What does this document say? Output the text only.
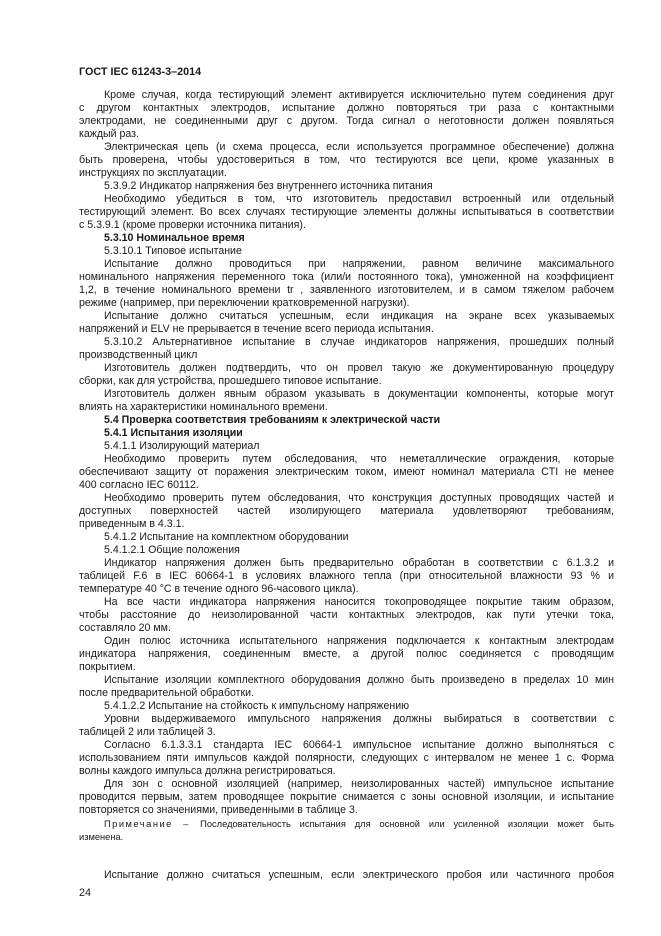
ГОСТ IEC 61243-3–2014
Кроме случая, когда тестирующий элемент активируется исключительно путем соединения друг
с другом контактных электродов, испытание должно повторяться три раза с контактными
электродами, не соединенными друг с другом. Тогда сигнал о неготовности должен появляться
каждый раз.
Электрическая цепь (и схема процесса, если используется программное обеспечение) должна
быть проверена, чтобы удостовериться в том, что тестируются все цепи, кроме указанных в
инструкциях по эксплуатации.
5.3.9.2 Индикатор напряжения без внутреннего источника питания
Необходимо убедиться в том, что изготовитель предоставил встроенный или отдельный
тестирующий элемент. Во всех случаях тестирующие элементы должны испытываться в соответствии
с 5.3.9.1 (кроме проверки источника питания).
5.3.10 Номинальное время
5.3.10.1 Типовое испытание
Испытание должно проводиться при напряжении, равном величине максимального
номинального напряжения переменного тока (или/и постоянного тока), умноженной на коэффициент
1,2, в течение номинального времени tr , заявленного изготовителем, и в самом тяжелом рабочем
режиме (например, при переключении кратковременной нагрузки).
Испытание должно считаться успешным, если индикация на экране всех указываемых
напряжений и ELV не прерывается в течение всего периода испытания.
5.3.10.2 Альтернативное испытание в случае индикаторов напряжения, прошедших полный
производственный цикл
Изготовитель должен подтвердить, что он провел такую же документированную процедуру
сборки, как для устройства, прошедшего типовое испытание.
Изготовитель должен явным образом указывать в документации компоненты, которые могут
влиять на характеристики номинального времени.
5.4 Проверка соответствия требованиям к электрической части
5.4.1 Испытания изоляции
5.4.1.1 Изолирующий материал
Необходимо проверить путем обследования, что неметаллические ограждения, которые
обеспечивают защиту от поражения электрическим током, имеют номинал материала CTI не менее
400 согласно IEC 60112.
Необходимо проверить путем обследования, что конструкция доступных проводящих частей и
доступных поверхностей частей изолирующего материала удовлетворяют требованиям,
приведенным в 4.3.1.
5.4.1.2 Испытание на комплектном оборудовании
5.4.1.2.1 Общие положения
Индикатор напряжения должен быть предварительно обработан в соответствии с 6.1.3.2 и
таблицей F.6 в IEC 60664-1 в условиях влажного тепла (при относительной влажности 93 % и
температуре 40 °С в течение одного 96-часового цикла).
На все части индикатора напряжения наносится токопроводящее покрытие таким образом,
чтобы расстояние до неизолированной части контактных электродов, как пути утечки тока,
составляло 20 мм.
Один полюс источника испытательного напряжения подключается к контактным электродам
индикатора напряжения, соединенным вместе, а другой полюс соединяется с проводящим
покрытием.
Испытание изоляции комплектного оборудования должно быть произведено в пределах 10 мин
после предварительной обработки.
5.4.1.2.2 Испытание на стойкость к импульсному напряжению
Уровни выдерживаемого импульсного напряжения должны выбираться в соответствии с
таблицей 2 или таблицей 3.
Согласно 6.1.3.3.1 стандарта IEC 60664-1 импульсное испытание должно выполняться с
использованием пяти импульсов каждой полярности, следующих с интервалом не менее 1 с. Форма
волны каждого импульса должна регистрироваться.
Для зон с основной изоляцией (например, неизолированных частей) импульсное испытание
проводится первым, затем проводящее покрытие снимается с зоны основной изоляции, и испытание
повторяется со значениями, приведенными в таблице 3.
Примечание – Последовательность испытания для основной или усиленной изоляции может быть
изменена.
Испытание должно считаться успешным, если электрического пробоя или частичного пробоя
24
